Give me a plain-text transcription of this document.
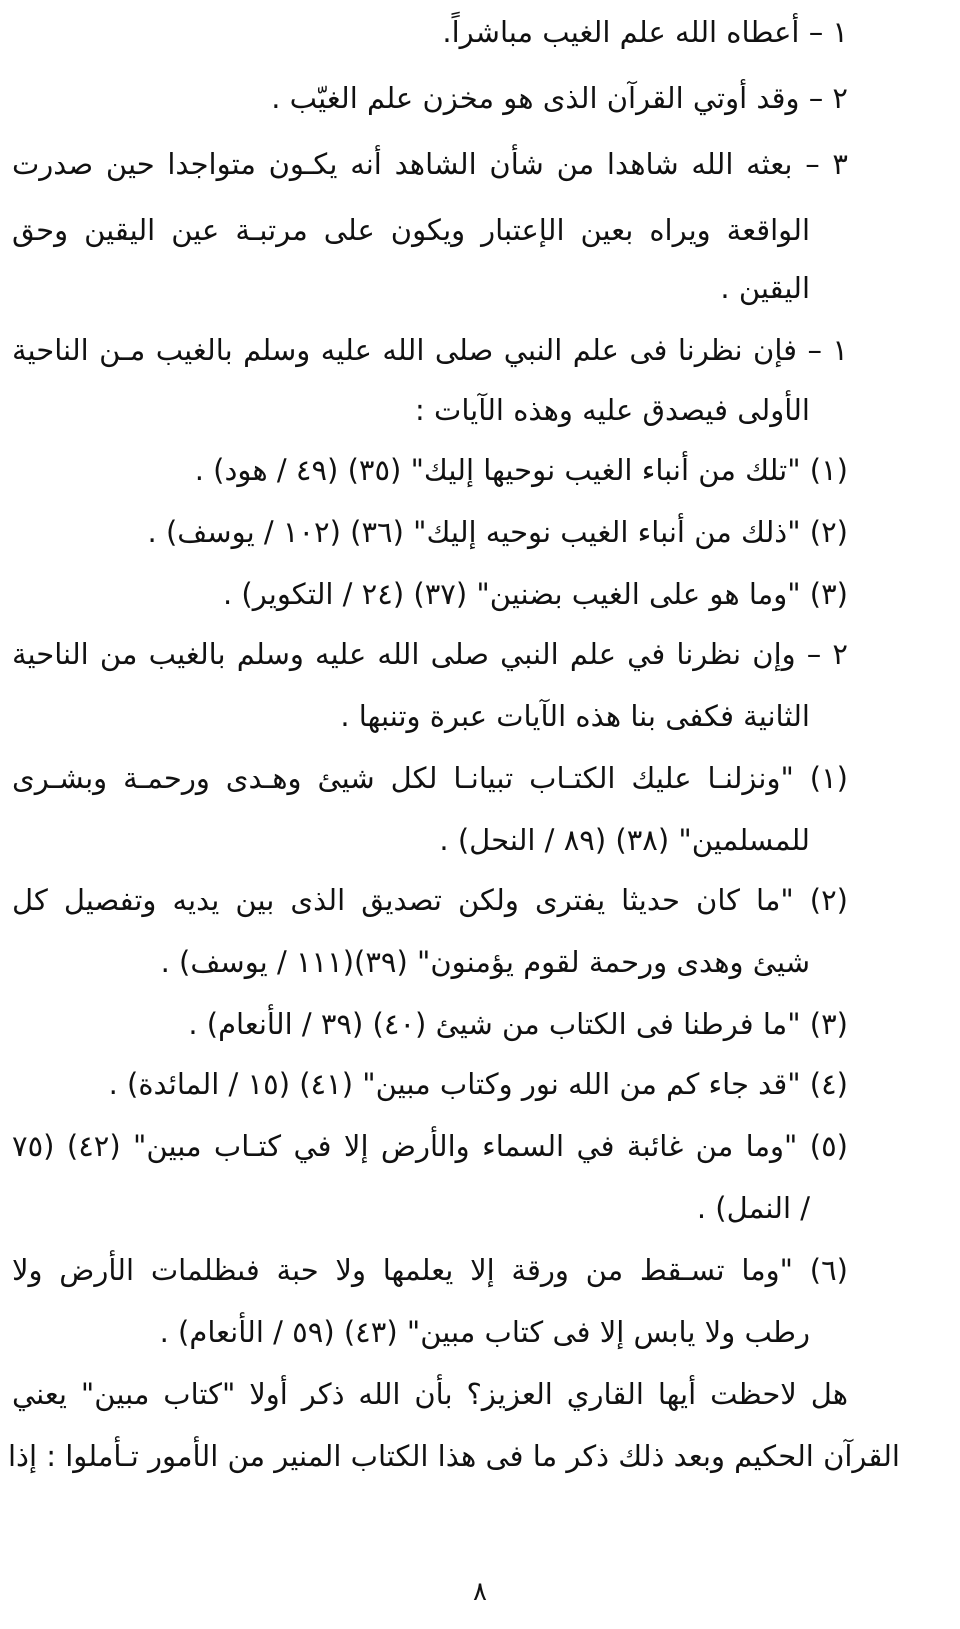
١ – أعطاه الله علم الغيب مباشراً.
٢ – وقد أوتي القرآن الذى هو مخزن علم الغيّب .
٣ – بعثه الله شاهدا من شأن الشاهد أنه يكـون متواجدا حين صدرت
الواقعة ويراه بعين الإعتبار ويكون على مرتبـة عين اليقين وحق
اليقين .
١ – فإن نظرنا فى علم النبي صلى الله عليه وسلم بالغيب مـن الناحية
الأولى فيصدق عليه وهذه الآيات :
(١) "تلك من أنباء الغيب نوحيها إليك" (٣٥) (٤٩ / هود) .
(٢) "ذلك من أنباء الغيب نوحيه إليك" (٣٦) (١٠٢ / يوسف) .
(٣) "وما هو على الغيب بضنين" (٣٧) (٢٤ / التكوير) .
٢ – وإن نظرنا في علم النبي صلى الله عليه وسلم بالغيب من الناحية
الثانية فكفى بنا هذه الآيات عبرة وتنبها .
(١) "ونزلنـا عليك الكتـاب تبيانـا لكل شيئ وهـدى ورحمـة وبشـرى
للمسلمين" (٣٨) (٨٩ / النحل) .
(٢) "ما كان حديثا يفترى ولكن تصديق الذى بين يديه وتفصيل كل
شيئ وهدى ورحمة لقوم يؤمنون" (٣٩)(١١١ / يوسف) .
(٣) "ما فرطنا فى الكتاب من شيئ (٤٠) (٣٩ / الأنعام) .
(٤) "قد جاء كم من الله نور وكتاب مبين" (٤١) (١٥ / المائدة) .
(٥) "وما من غائبة في السماء والأرض إلا في كتـاب مبين" (٤٢) (٧٥
/ النمل) .
(٦) "وما تسـقط من ورقة إلا يعلمها ولا حبة فىظلمات الأرض ولا
رطب ولا يابس إلا فى كتاب مبين" (٤٣) (٥٩ / الأنعام) .
هل لاحظت أيها القاري العزيز؟ بأن الله ذكر أولا "كتاب مبين" يعني
القرآن الحكيم وبعد ذلك ذكر ما فى هذا الكتاب المنير من الأمور تـأملوا : إذا
٨
